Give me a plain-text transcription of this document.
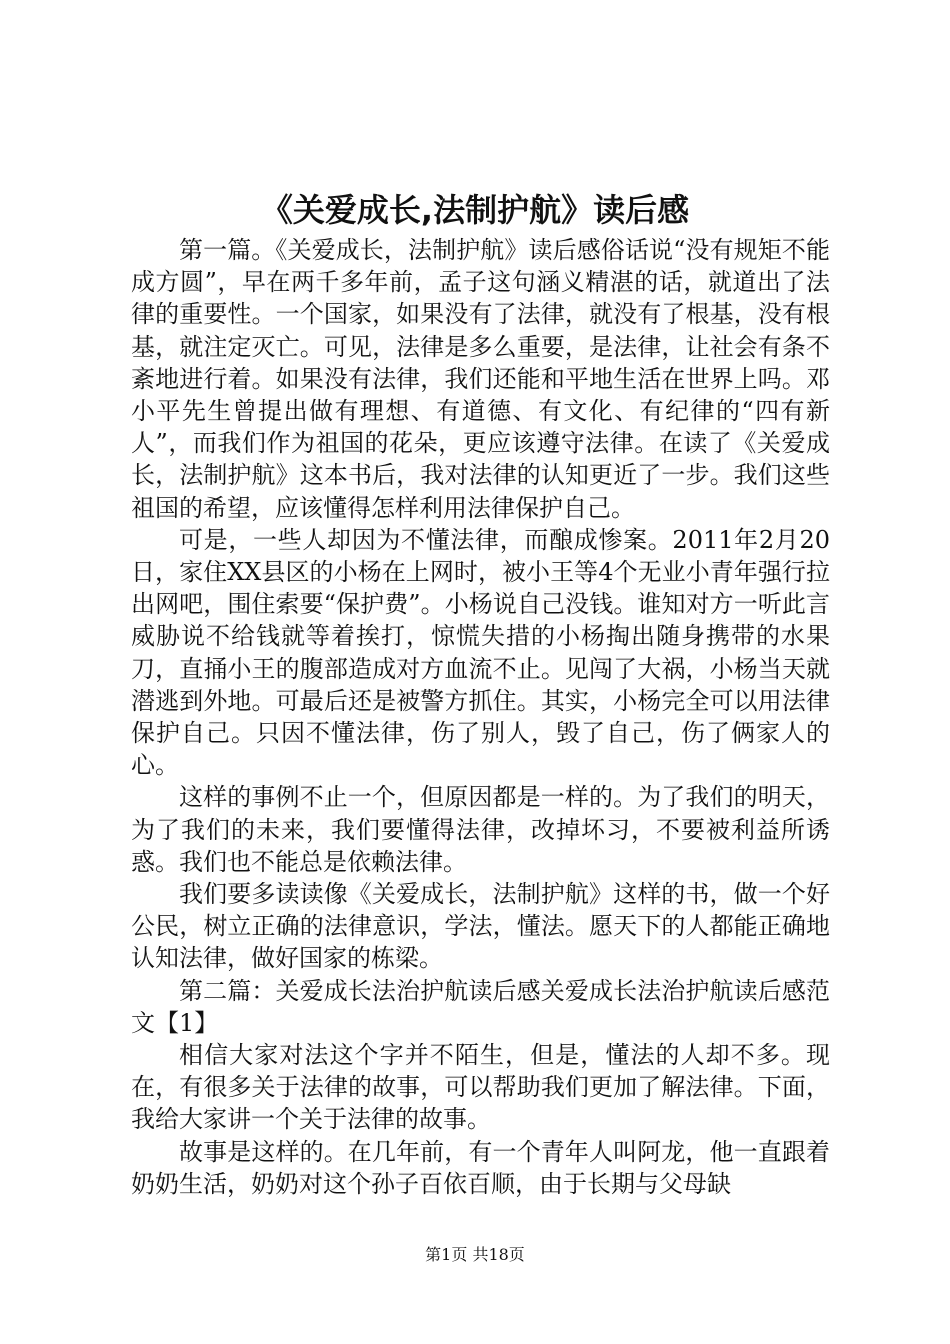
《关爱成长,法制护航》读后感

第一篇。《关爱成长，法制护航》读后感俗话说“没有规矩不能成方圆”，早在两千多年前，孟子这句涵义精湛的话，就道出了法律的重要性。一个国家，如果没有了法律，就没有了根基，没有根基，就注定灭亡。可见，法律是多么重要，是法律，让社会有条不紊地进行着。如果没有法律，我们还能和平地生活在世界上吗。邓小平先生曾提出做有理想、有道德、有文化、有纪律的“四有新人”，而我们作为祖国的花朵，更应该遵守法律。在读了《关爱成长，法制护航》这本书后，我对法律的认知更近了一步。我们这些祖国的希望，应该懂得怎样利用法律保护自己。

可是，一些人却因为不懂法律，而酿成惨案。2011年2月20日，家住XX县区的小杨在上网时，被小王等4个无业小青年强行拉出网吧，围住索要“保护费”。小杨说自己没钱。谁知对方一听此言威胁说不给钱就等着挨打，惊慌失措的小杨掏出随身携带的水果刀，直捅小王的腹部造成对方血流不止。见闯了大祸，小杨当天就潜逃到外地。可最后还是被警方抓住。其实，小杨完全可以用法律保护自己。只因不懂法律，伤了别人，毁了自己，伤了俩家人的心。

这样的事例不止一个，但原因都是一样的。为了我们的明天，为了我们的未来，我们要懂得法律，改掉坏习，不要被利益所诱惑。我们也不能总是依赖法律。

我们要多读读像《关爱成长，法制护航》这样的书，做一个好公民，树立正确的法律意识，学法，懂法。愿天下的人都能正确地认知法律，做好国家的栋梁。

第二篇：关爱成长法治护航读后感关爱成长法治护航读后感范文【1】

相信大家对法这个字并不陌生，但是，懂法的人却不多。现在，有很多关于法律的故事，可以帮助我们更加了解法律。下面，我给大家讲一个关于法律的故事。

故事是这样的。在几年前，有一个青年人叫阿龙，他一直跟着奶奶生活，奶奶对这个孙子百依百顺，由于长期与父母缺

第1页 共18页
